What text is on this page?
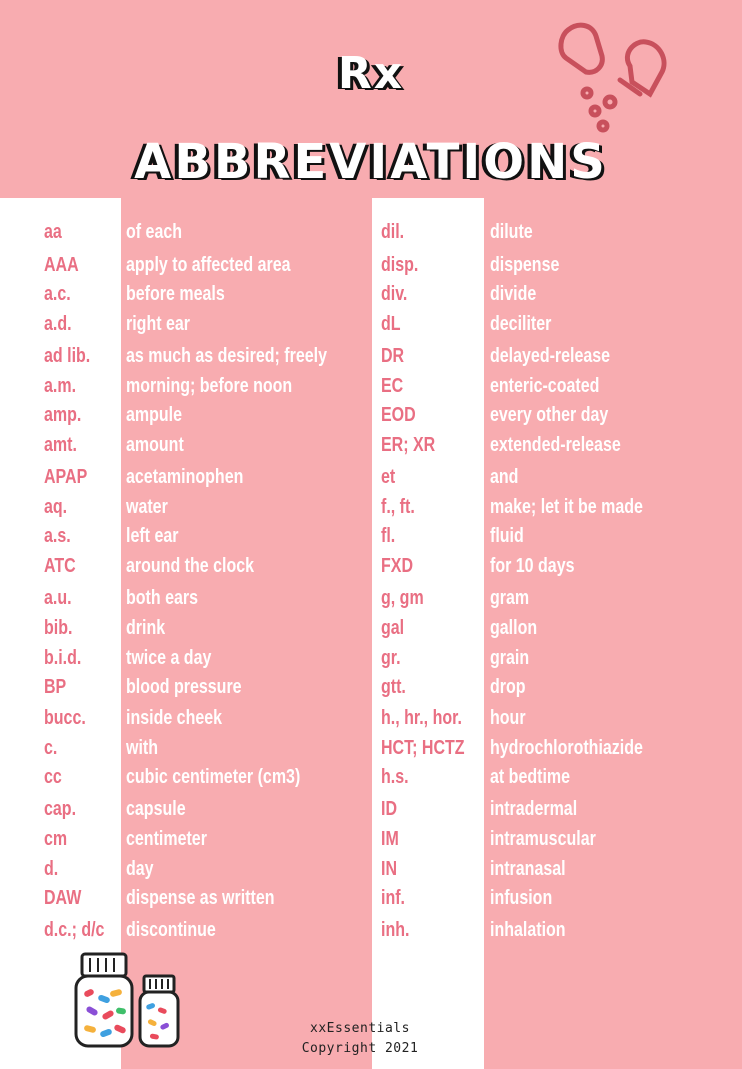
Rx
ABBREVIATIONS
aa	of each
AAA apply to affected area
a.c.	before meals
a.d.	right ear
ad lib. as much as desired; freely
a.m. morning; before noon
amp. ampule
amt. amount
APAP acetaminophen
aq.	water
a.s.	left ear
ATC	around the clock
a.u.	both ears
bib.	drink
b.i.d. twice a day
BP	blood pressure
bucc. inside cheek
c.	with
cc	cubic centimeter (cm3)
cap. capsule
cm	centimeter
d.	day
DAW dispense as written
d.c.; d/c discontinue
dil.	dilute
disp.	dispense
div.	divide
dL	deciliter
DR	delayed-release
EC	enteric-coated
EOD	every other day
ER; XR	extended-release
et	and
f., ft.	make; let it be made
fl.	fluid
FXD	for 10 days
g, gm	gram
gal	gallon
gr.	grain
gtt.	drop
h., hr., hor. hour
HCT; HCTZ hydrochlorothiazide
h.s.	at bedtime
ID	intradermal
IM	intramuscular
IN	intranasal
inf.	infusion
inh.	inhalation
xxEssentials
Copyright 2021
